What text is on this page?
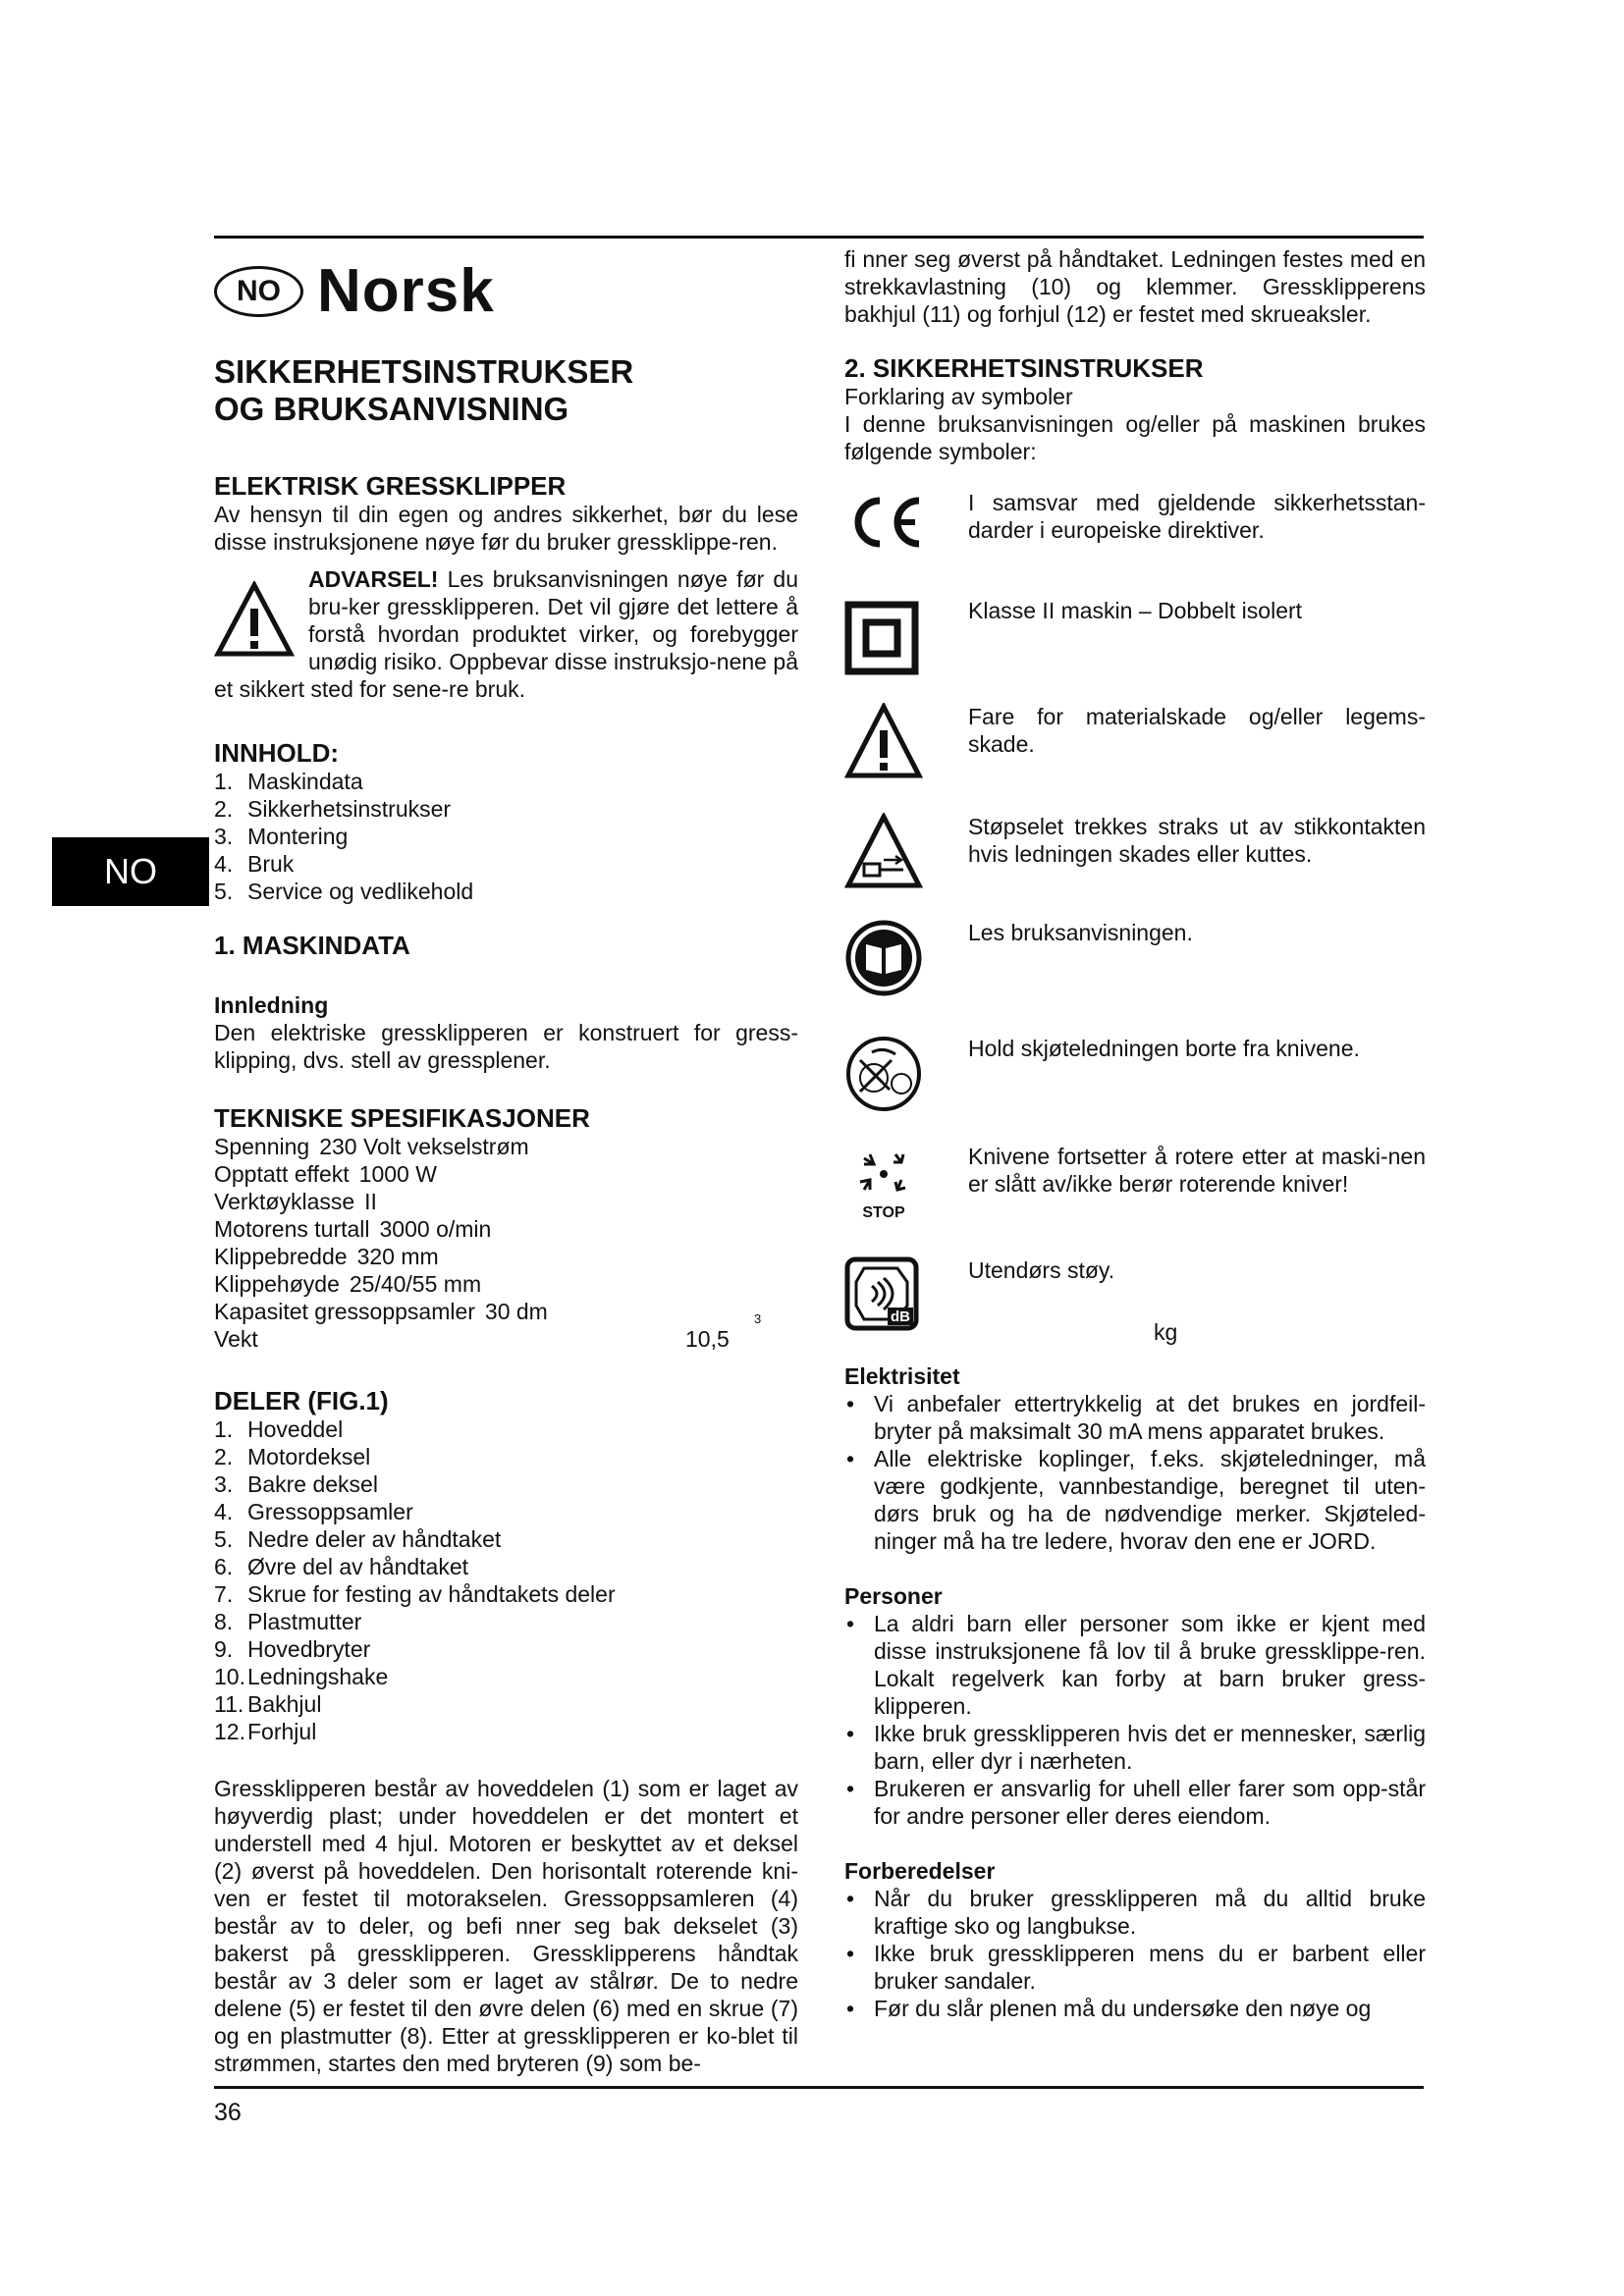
NO Norsk
SIKKERHETSINSTRUKSER
OG BRUKSANVISNING
ELEKTRISK GRESSKLIPPER

Av hensyn til din egen og andres sikkerhet, bør du lese disse instruksjonene nøye før du bruker gressklippe-ren.

ADVARSEL! Les bruksanvisningen nøye før du bru-ker gressklipperen. Det vil gjøre det lettere å forstå hvordan produktet virker, og forebygger unødig risiko. Oppbevar disse instruksjo-nene på et sikkert sted for sene-re bruk.

INNHOLD:
1. Maskindata
2. Sikkerhetsinstrukser
3. Montering
4. Bruk
5. Service og vedlikehold
1. MASKINDATA
Innledning

Den elektriske gressklipperen er konstruert for gress-klipping, dvs. stell av gressplener.

TEKNISKE SPESIFIKASJONER
Spenning 230 Volt vekselstrøm
Opptatt effekt 1000 W
Verktøyklasse II
Motorens turtall 3000 o/min
Klippebredde 320 mm
Klippehøyde 25/40/55 mm
Kapasitet gressoppsamler 30 dm
Vekt	10,5
3
DELER (FIG.1)
1. Hoveddel
2. Motordeksel
3. Bakre deksel
4. Gressoppsamler
5. Nedre deler av håndtaket
6. Øvre del av håndtaket
7. Skrue for festing av håndtakets deler
8. Plastmutter
9. Hovedbryter
10. Ledningshake
11. Bakhjul
12. Forhjul

Gressklipperen består av hoveddelen (1) som er laget av høyverdig plast; under hoveddelen er det montert et understell med 4 hjul. Motoren er beskyttet av et deksel (2) øverst på hoveddelen. Den horisontalt roterende kni-ven er festet til motorakselen. Gressoppsamleren (4) består av to deler, og befi nner seg bak dekselet (3) bakerst på gressklipperen. Gressklipperens håndtak består av 3 deler som er laget av stålrør. De to nedre delene (5) er festet til den øvre delen (6) med en skrue (7) og en plastmutter (8). Etter at gressklipperen er ko-blet til strømmen, startes den med bryteren (9) som be-

fi nner seg øverst på håndtaket. Ledningen festes med en strekkavlastning (10) og klemmer. Gressklipperens bakhjul (11) og forhjul (12) er festet med skrueaksler.

2. SIKKERHETSINSTRUKSER

Forklaring av symboler

I denne bruksanvisningen og/eller på maskinen brukes følgende symboler:

I samsvar med gjeldende sikkerhetsstan-darder i europeiske direktiver.
Klasse II maskin – Dobbelt isolert
Fare for materialskade og/eller legems-skade.
Støpselet trekkes straks ut av stikkontakten hvis ledningen skades eller kuttes.
Les bruksanvisningen.
Hold skjøteledningen borte fra knivene.
STOP
Knivene fortsetter å rotere etter at maski-nen er slått av/ikke berør roterende kniver!
dB
Utendørs støy.
Elektrisitet
• Vi anbefaler ettertrykkelig at det brukes en jordfeil-bryter på maksimalt 30 mA mens apparatet brukes.
• Alle elektriske koplinger, f.eks. skjøteledninger, må være godkjente, vannbestandige, beregnet til uten-dørs bruk og ha de nødvendige merker. Skjøteled-ninger må ha tre ledere, hvorav den ene er JORD.
Personer
• La aldri barn eller personer som ikke er kjent med disse instruksjonene få lov til å bruke gressklippe-ren. Lokalt regelverk kan forby at barn bruker gress-klipperen.
• Ikke bruk gressklipperen hvis det er mennesker, særlig barn, eller dyr i nærheten.
• Brukeren er ansvarlig for uhell eller farer som opp-står for andre personer eller deres eiendom.
Forberedelser
• Når du bruker gressklipperen må du alltid bruke kraftige sko og langbukse.
• Ikke bruk gressklipperen mens du er barbent eller bruker sandaler.
• Før du slår plenen må du undersøke den nøye og
kg
NO
36
